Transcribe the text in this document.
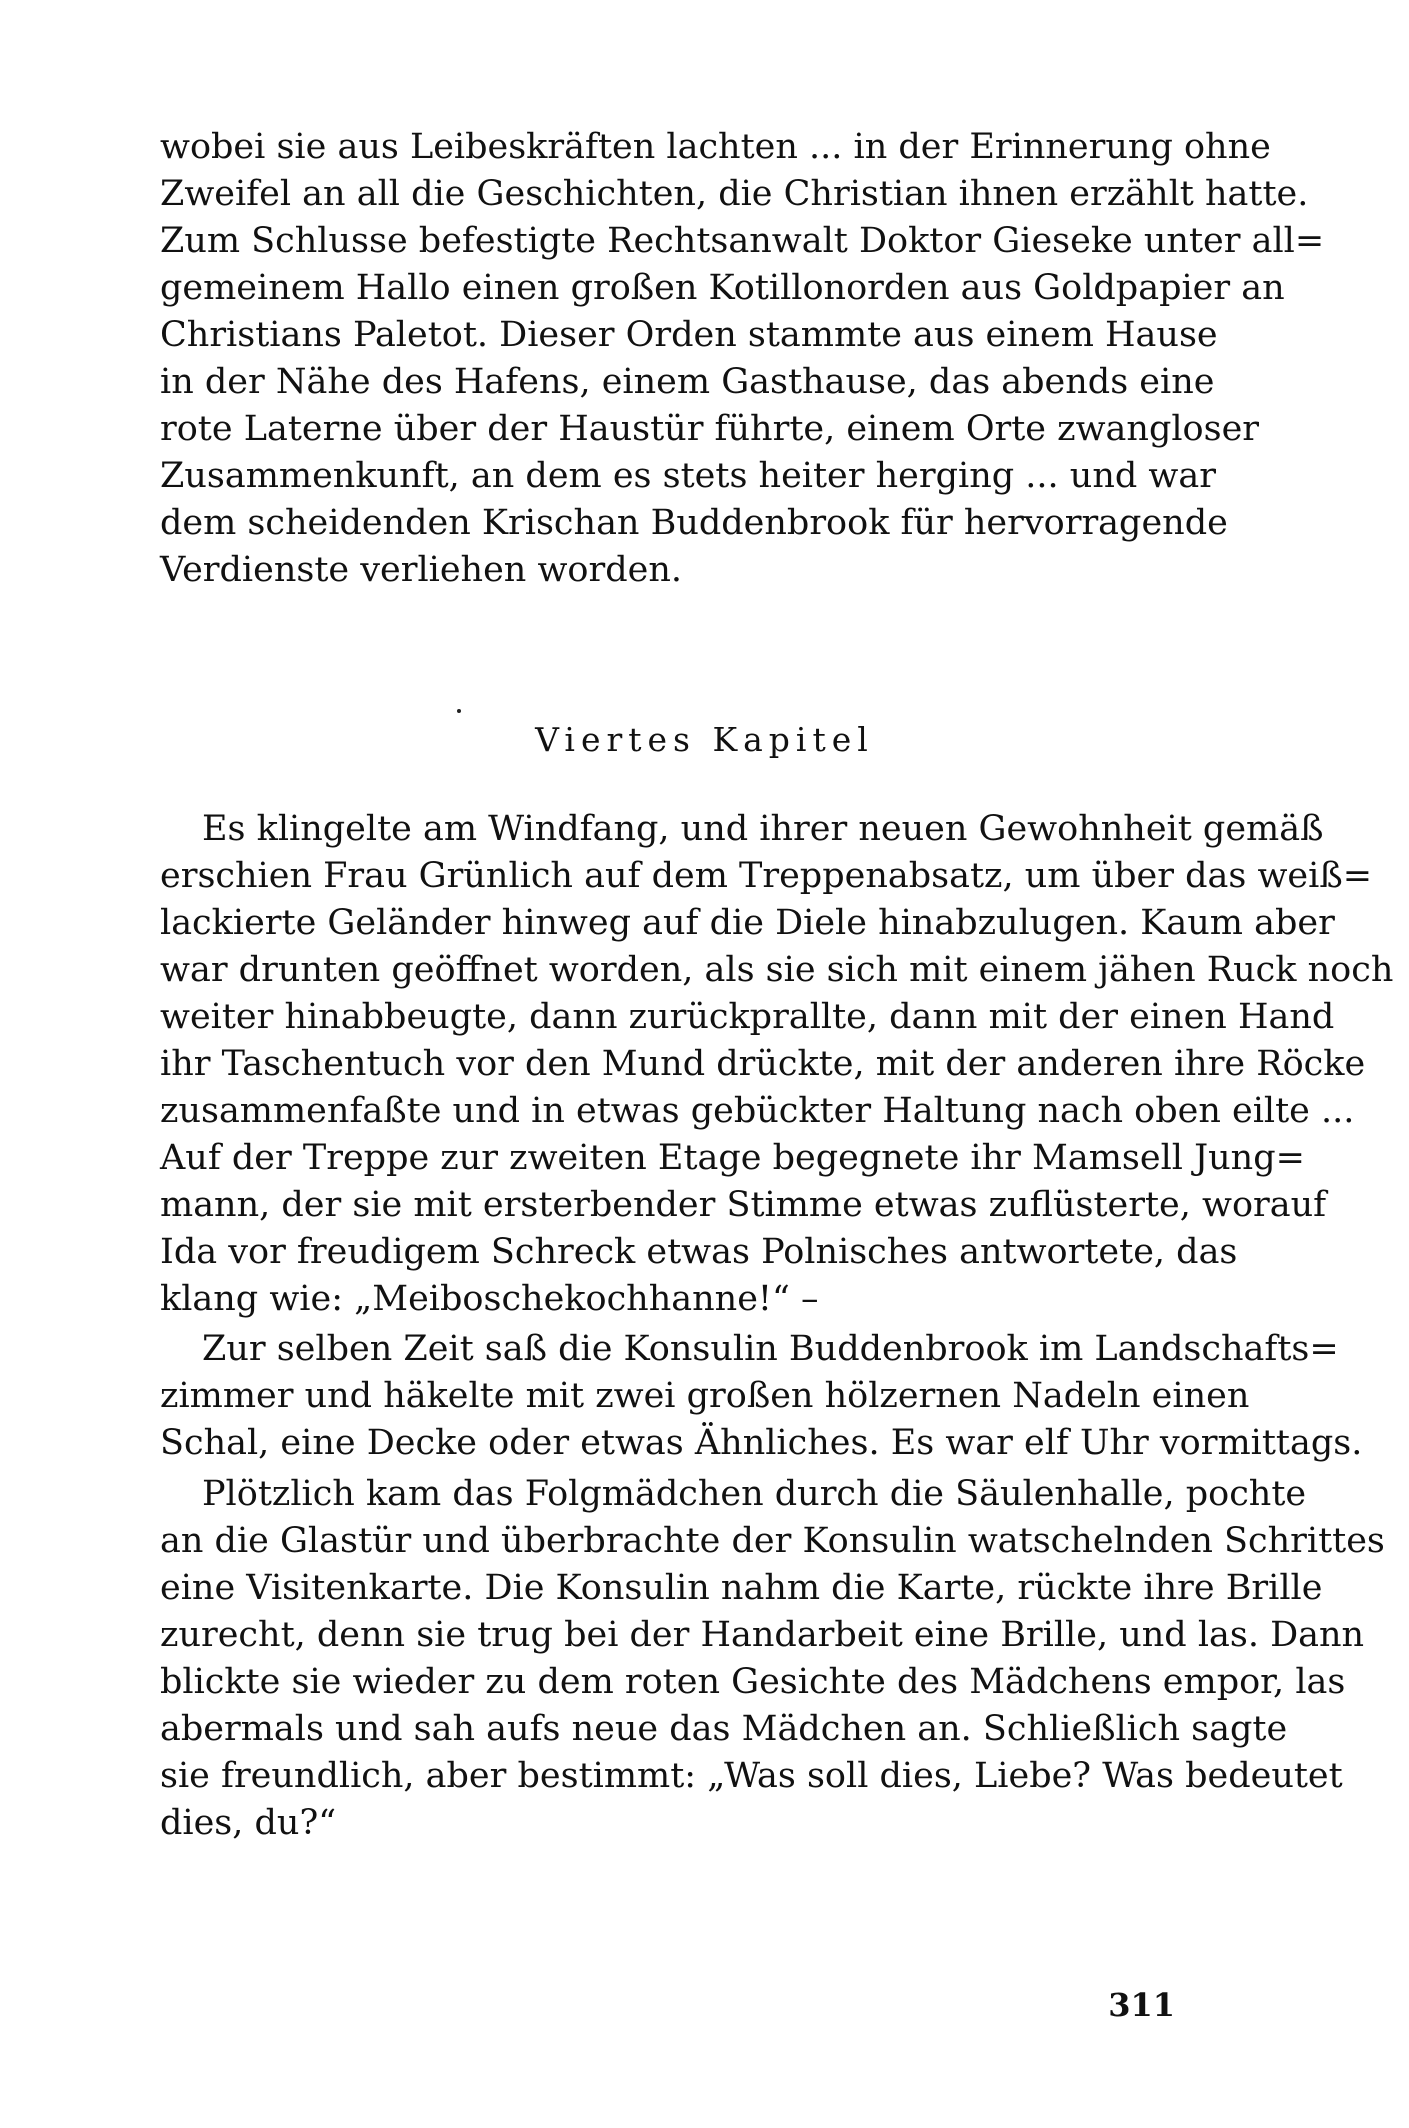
wobei sie aus Leibeskräften lachten ... in der Erinnerung ohne
Zweifel an all die Geschichten, die Christian ihnen erzählt hatte.
Zum Schlusse befestigte Rechtsanwalt Doktor Gieseke unter all=
gemeinem Hallo einen großen Kotillonorden aus Goldpapier an
Christians Paletot. Dieser Orden stammte aus einem Hause
in der Nähe des Hafens, einem Gasthause, das abends eine
rote Laterne über der Haustür führte, einem Orte zwangloser
Zusammenkunft, an dem es stets heiter herging ... und war
dem scheidenden Krischan Buddenbrook für hervorragende
Verdienste verliehen worden.
Viertes Kapitel
Es klingelte am Windfang, und ihrer neuen Gewohnheit gemäß
erschien Frau Grünlich auf dem Treppenabsatz, um über das weiß=
lackierte Geländer hinweg auf die Diele hinabzulugen. Kaum aber
war drunten geöffnet worden, als sie sich mit einem jähen Ruck noch
weiter hinabbeugte, dann zurückprallte, dann mit der einen Hand
ihr Taschentuch vor den Mund drückte, mit der anderen ihre Röcke
zusammenfaßte und in etwas gebückter Haltung nach oben eilte ...
Auf der Treppe zur zweiten Etage begegnete ihr Mamsell Jung=
mann, der sie mit ersterbender Stimme etwas zuflüsterte, worauf
Ida vor freudigem Schreck etwas Polnisches antwortete, das
klang wie: „Meiboschekochhanne!“ –
Zur selben Zeit saß die Konsulin Buddenbrook im Landschafts=
zimmer und häkelte mit zwei großen hölzernen Nadeln einen
Schal, eine Decke oder etwas Ähnliches. Es war elf Uhr vormittags.
Plötzlich kam das Folgmädchen durch die Säulenhalle, pochte
an die Glastür und überbrachte der Konsulin watschelnden Schrittes
eine Visitenkarte. Die Konsulin nahm die Karte, rückte ihre Brille
zurecht, denn sie trug bei der Handarbeit eine Brille, und las. Dann
blickte sie wieder zu dem roten Gesichte des Mädchens empor, las
abermals und sah aufs neue das Mädchen an. Schließlich sagte
sie freundlich, aber bestimmt: „Was soll dies, Liebe? Was bedeutet
dies, du?“
311
